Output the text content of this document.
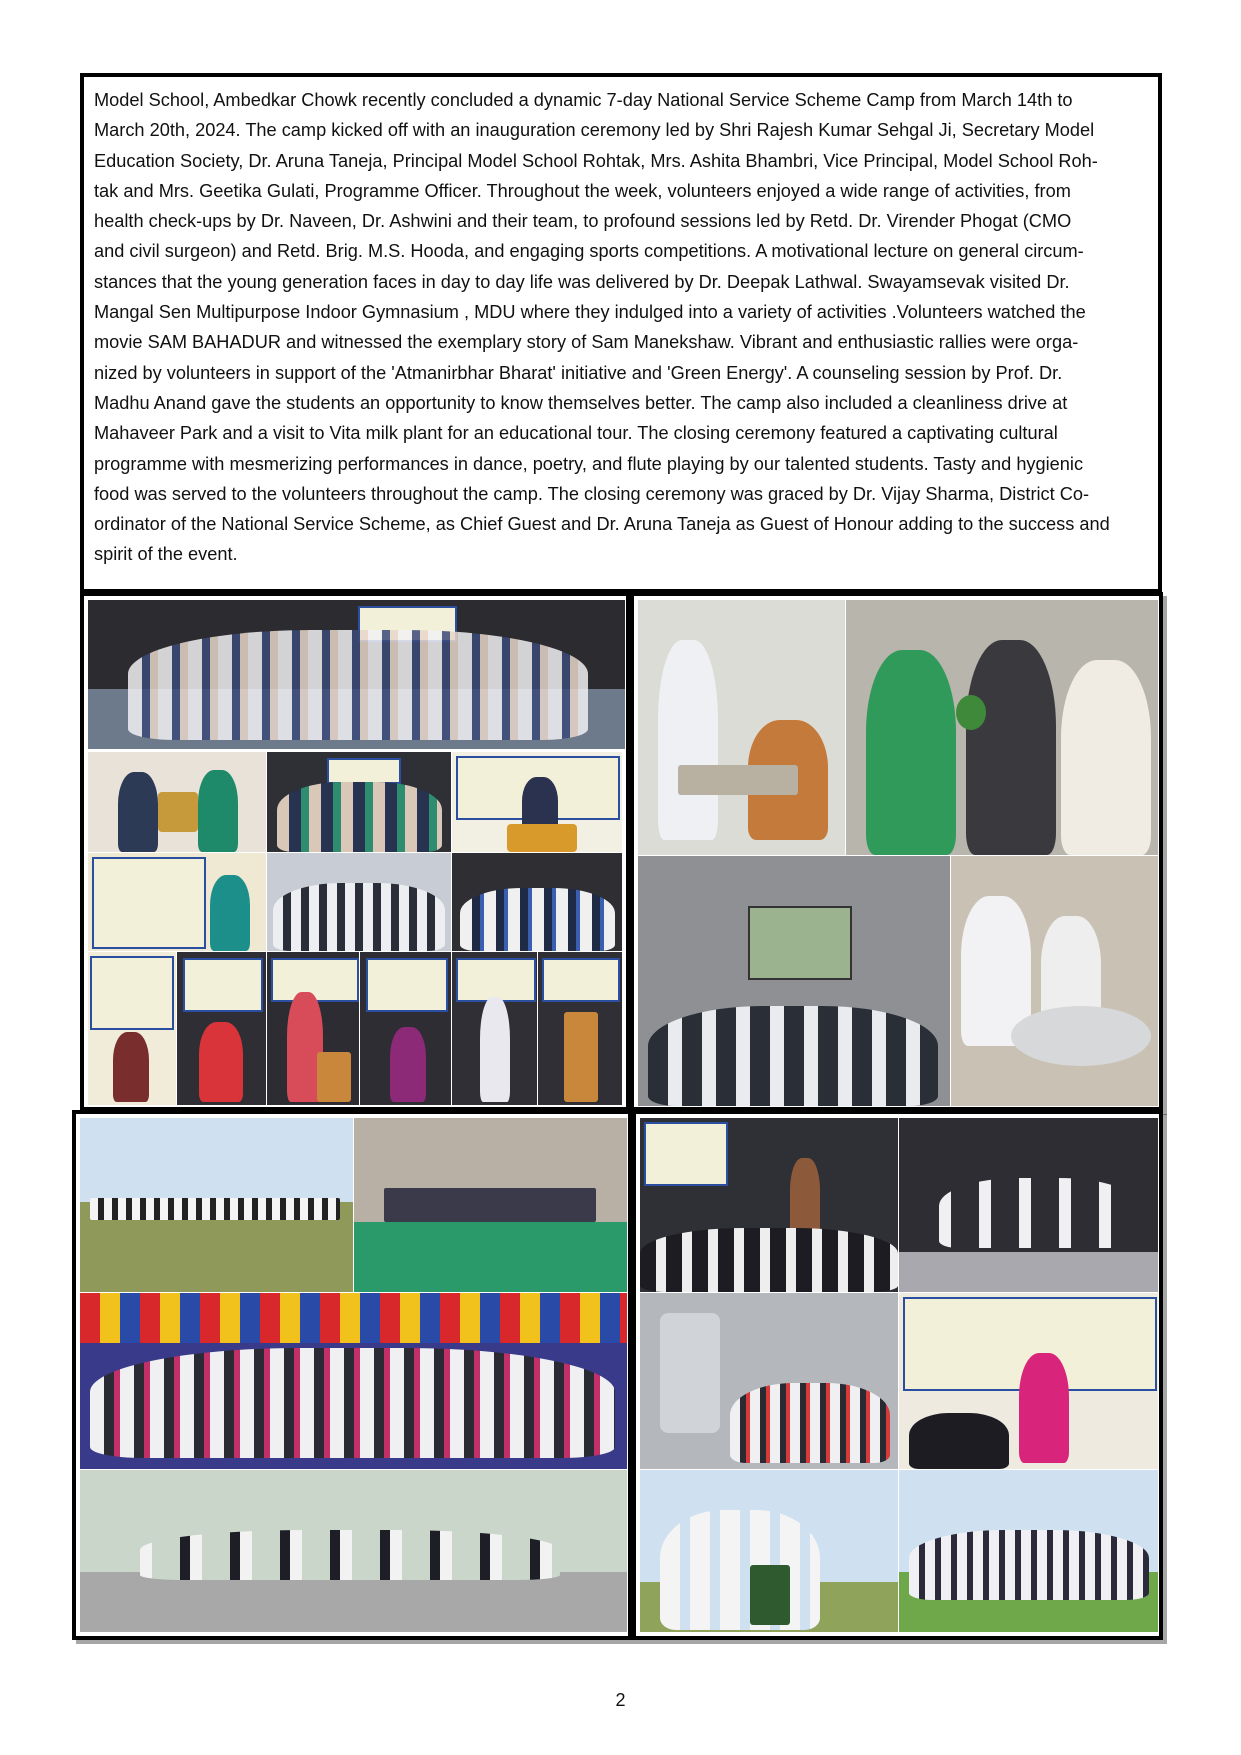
Model School, Ambedkar Chowk recently concluded a dynamic 7-day National Service Scheme Camp from March 14th to
March 20th, 2024. The camp kicked off with an inauguration ceremony led by Shri Rajesh Kumar Sehgal Ji, Secretary Model
Education Society, Dr. Aruna Taneja, Principal Model School Rohtak, Mrs. Ashita Bhambri, Vice Principal, Model School Roh-
tak and Mrs. Geetika Gulati, Programme Officer. Throughout the week, volunteers enjoyed a wide range of activities, from
health check-ups by Dr. Naveen, Dr. Ashwini and their team, to profound sessions led by Retd. Dr. Virender Phogat (CMO
and civil surgeon) and Retd. Brig. M.S. Hooda, and engaging sports competitions. A motivational lecture on general circum-
stances that the young generation faces in day to day life was delivered by Dr. Deepak Lathwal. Swayamsevak visited Dr.
Mangal Sen Multipurpose Indoor Gymnasium , MDU where they indulged into a variety of activities .Volunteers watched the
movie SAM BAHADUR and witnessed the exemplary story of Sam Manekshaw. Vibrant and enthusiastic rallies were orga-
nized by volunteers in support of the 'Atmanirbhar Bharat' initiative and 'Green Energy'. A counseling session by Prof. Dr.
Madhu Anand gave the students an opportunity to know themselves better. The camp also included a cleanliness drive at
Mahaveer Park and a visit to Vita milk plant for an educational tour. The closing ceremony featured a captivating cultural
programme with mesmerizing performances in dance, poetry, and flute playing by our talented students. Tasty and hygienic
food was served to the volunteers throughout the camp. The closing ceremony was graced by Dr. Vijay Sharma, District Co-
ordinator of the National Service Scheme, as Chief Guest and Dr. Aruna Taneja as Guest of Honour adding to the success and
spirit of the event.

2
